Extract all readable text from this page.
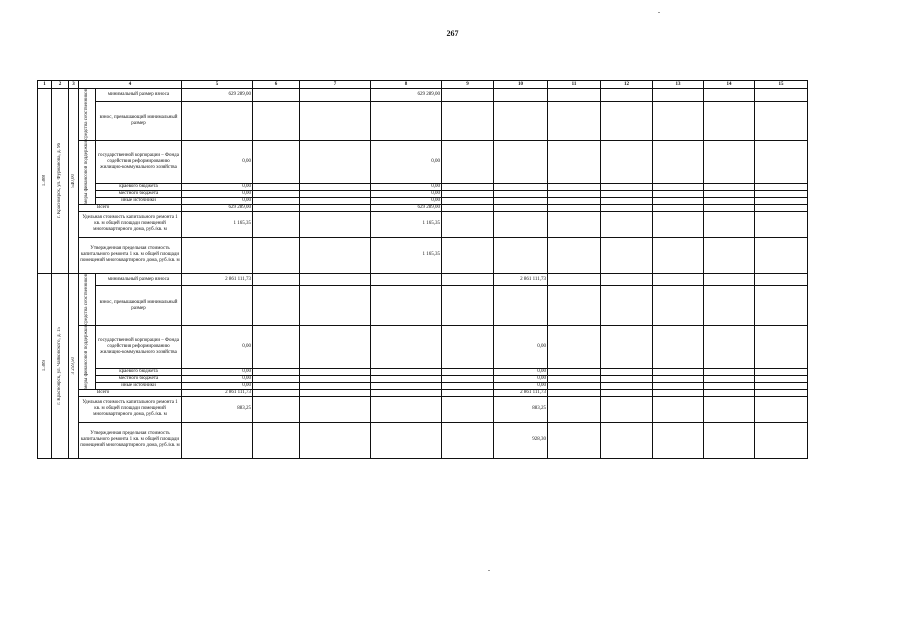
267
1	2	3	4		5	6	7	8	9	10	11	12	13	14	15

1.388	г. Красноярск, ул. Фурманова, д. 96	540,00	средства собственников	минимальный размер взноса	629 289,00			629 289,00							
				взнос, превышающий минимальный размер											

			меры финансовой поддержки	государственной корпорации – Фонда содействия реформированию жилищно-коммунального хозяйства	0,00			0,00							
				краевого бюджета	0,00			0,00							
				местного бюджета	0,00			0,00							
				иные источники	0,00			0,00							
			Всего		629 289,00			629 289,00							
			Удельная стоимость капитального ремонта 1 кв. м общей площади помещений многоквартирного дома, руб./кв. м		1 165,35			1 165,35							
			Утвержденная предельная стоимость капитального ремонта 1 кв. м общей площади помещений многоквартирного дома, руб./кв. м					1 165,35							

1.389	г. Красноярск, ул. Чайковского, д. 15	3 259,50	средства собственников	минимальный размер взноса	2 861 111,73					2 861 111,73					
				взнос, превышающий минимальный размер											

			меры финансовой поддержки	государственной корпорации – Фонда содействия реформированию жилищно-коммунального хозяйства	0,00					0,00					
				краевого бюджета	0,00					0,00					
				местного бюджета	0,00					0,00					
				иные источники	0,00					0,00					
			Всего		2 861 111,73					2 861 111,73					
			Удельная стоимость капитального ремонта 1 кв. м общей площади помещений многоквартирного дома, руб./кв. м		883,25					883,25					
			Утвержденная предельная стоимость капитального ремонта 1 кв. м общей площади помещений многоквартирного дома, руб./кв. м							928,30					
